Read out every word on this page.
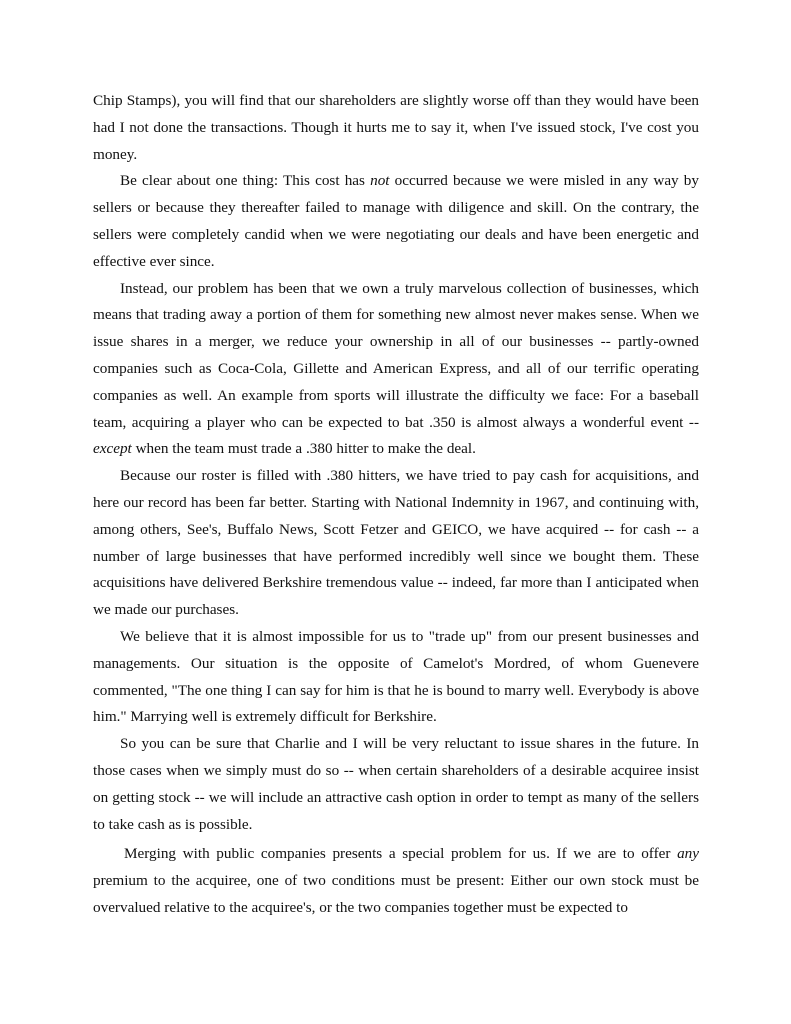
Chip Stamps), you will find that our shareholders are slightly worse off than they would have been had I not done the transactions. Though it hurts me to say it, when I've issued stock, I've cost you money.

Be clear about one thing: This cost has not occurred because we were misled in any way by sellers or because they thereafter failed to manage with diligence and skill. On the contrary, the sellers were completely candid when we were negotiating our deals and have been energetic and effective ever since.

Instead, our problem has been that we own a truly marvelous collection of businesses, which means that trading away a portion of them for something new almost never makes sense. When we issue shares in a merger, we reduce your ownership in all of our businesses -- partly-owned companies such as Coca-Cola, Gillette and American Express, and all of our terrific operating companies as well. An example from sports will illustrate the difficulty we face: For a baseball team, acquiring a player who can be expected to bat .350 is almost always a wonderful event -- except when the team must trade a .380 hitter to make the deal.

Because our roster is filled with .380 hitters, we have tried to pay cash for acquisitions, and here our record has been far better. Starting with National Indemnity in 1967, and continuing with, among others, See's, Buffalo News, Scott Fetzer and GEICO, we have acquired -- for cash -- a number of large businesses that have performed incredibly well since we bought them. These acquisitions have delivered Berkshire tremendous value -- indeed, far more than I anticipated when we made our purchases.

We believe that it is almost impossible for us to "trade up" from our present businesses and managements. Our situation is the opposite of Camelot's Mordred, of whom Guenevere commented, "The one thing I can say for him is that he is bound to marry well. Everybody is above him." Marrying well is extremely difficult for Berkshire.

So you can be sure that Charlie and I will be very reluctant to issue shares in the future. In those cases when we simply must do so -- when certain shareholders of a desirable acquiree insist on getting stock -- we will include an attractive cash option in order to tempt as many of the sellers to take cash as is possible.

Merging with public companies presents a special problem for us. If we are to offer any premium to the acquiree, one of two conditions must be present: Either our own stock must be overvalued relative to the acquiree's, or the two companies together must be expected to
